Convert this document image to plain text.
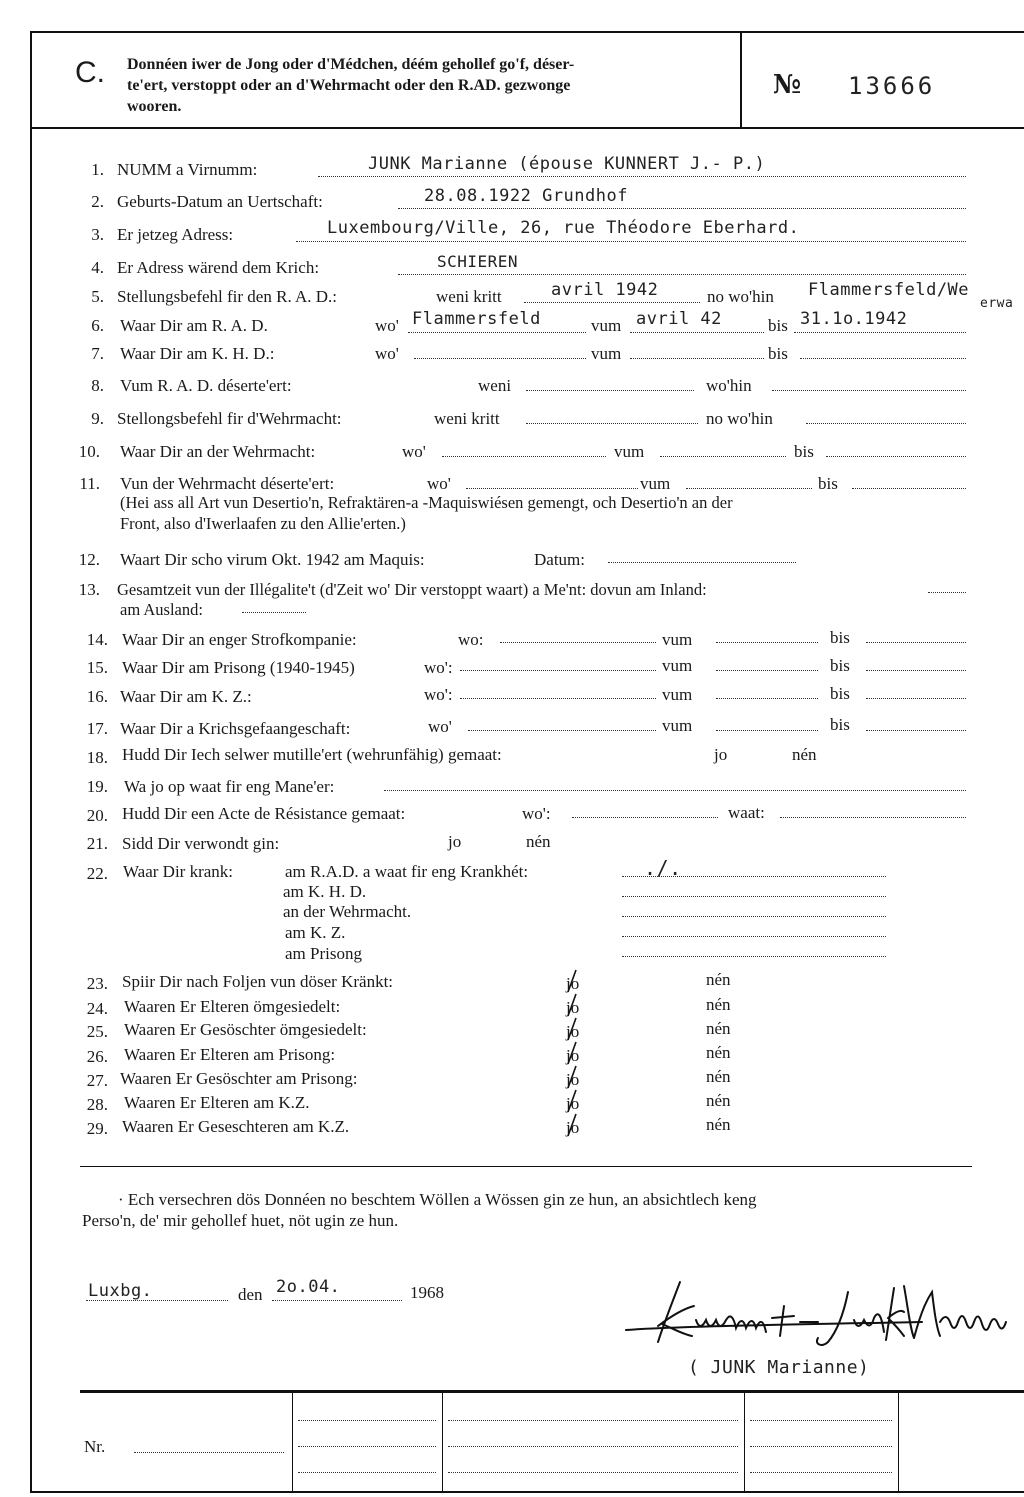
C. Donnéen iwer de Jong oder d'Médchen, déém gehollef go'f, déser-
te'ert, verstoppt oder an d'Wehrmacht oder den R.AD. gezwonge
wooren.
№ 13666
1. NUMM a Virnumm:	JUNK Marianne (épouse KUNNERT J.- P.)
2. Geburts-Datum an Uertschaft:	28.08.1922 Grundhof
3. Er jetzeg Adress:	Luxembourg/Ville, 26, rue Théodore Eberhard.
4. Er Adress wärend dem Krich:	SCHIEREN
5. Stellungsbefehl fir den R. A. D.:	weni kritt	avril 1942	no wo'hin Flammersfeld/We
erwa
6. Waar Dir am R. A. D.	wo' Flammersfeld	vum avril 42	bis 31.1o.1942
7. Waar Dir am K. H. D.:	wo'	vum	bis
8. Vum R. A. D. déserte'ert:	weni	wo'hin
9. Stellongsbefehl fir d'Wehrmacht:	weni kritt	no wo'hin
10. Waar Dir an der Wehrmacht:	wo'	vum	bis
11. Vun der Wehrmacht déserte'ert:	wo'	vum	bis
(Hei ass all Art vun Desertio'n, Refraktären-a -Maquiswiésen gemengt, och Desertio'n an der
Front, also d'Iwerlaafen zu den Allie'erten.)
12. Waart Dir scho virum Okt. 1942 am Maquis:	Datum:
13. Gesamtzeit vun der Illégalite't (d'Zeit wo' Dir verstoppt waart) a Me'nt: dovun am Inland:
am Ausland:
14. Waar Dir an enger Strofkompanie:	wo:	vum	bis
15. Waar Dir am Prisong (1940-1945)	wo':	vum	bis
16. Waar Dir am K. Z.:	wo':	vum	bis
17. Waar Dir a Krichsgefaangeschaft:	wo'	vum	bis
18. Hudd Dir Iech selwer mutille'ert (wehrunfähig) gemaat:	jo	nén
19. Wa jo op waat fir eng Mane'er:
20. Hudd Dir een Acte de Résistance gemaat:	wo':	waat:
21. Sidd Dir verwondt gin:	jo	nén
22. Waar Dir krank:	am R.A.D. a waat fir eng Krankhét:	./.
am K. H. D.
an der Wehrmacht.
am K. Z.
am Prisong
23. Spiir Dir nach Foljen vun döser Kränkt:	jo	nén
24. Waaren Er Elteren ömgesiedelt:	jo	nén
25. Waaren Er Gesöschter ömgesiedelt:	jo	nén
26. Waaren Er Elteren am Prisong:	jo	nén
27. Waaren Er Gesöschter am Prisong:	jo	nén
28. Waaren Er Elteren am K.Z.	jo	nén
29. Waaren Er Geseschteren am K.Z.	jo	nén
· Ech versechren dös Donnéen no beschtem Wöllen a Wössen gin ze hun, an absichtlech keng
Perso'n, de' mir gehollef huet, nöt ugin ze hun.
Luxbg.	den 2o.04.	1968
( JUNK Marianne)
Nr.
